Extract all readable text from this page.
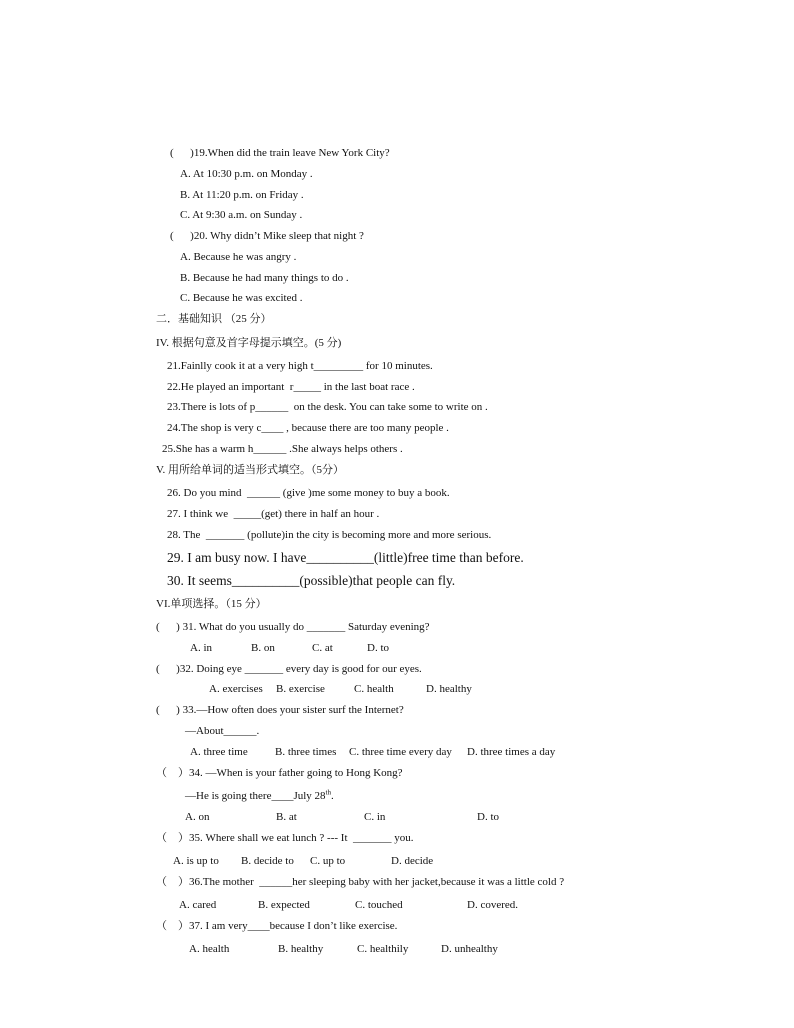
(      )19.When did the train leave New York City?
A. At 10:30 p.m. on Monday .
B. At 11:20 p.m. on Friday .
C. At 9:30 a.m. on Sunday .
(      )20. Why didn’t Mike sleep that night ?
A. Because he was angry .
B. Because he had many things to do .
C. Because he was excited .
二．基础知识 （25 分）
IV. 根据句意及首字母提示填空。(5 分)
21.Fainlly cook it at a very high t_________ for 10 minutes.
22.He played an important  r_____ in the last boat race .
23.There is lots of p______  on the desk. You can take some to write on .
24.The shop is very c____ , because there are too many people .
25.She has a warm h______ .She always helps others .
V. 用所给单词的适当形式填空。（5分）
26. Do you mind  ______ (give )me some money to buy a book.
27. I think we  _____(get) there in half an hour .
28. The  _______ (pollute)in the city is becoming more and more serious.
29. I am busy now. I have__________(little)free time than before.
30. It seems__________(possible)that people can fly.
VI.单项选择。（15 分）
(      ) 31. What do you usually do _______ Saturday evening?
A. in	B. on	C. at	D. to
(      )32. Doing eye _______ every day is good for our eyes.
A. exercises B. exercise	C. health	D. healthy
(      ) 33.—How often does your sister surf the Internet?
—About______.
A. three time B. three times C. three time every day D. three times a day
（    ）34. —When is your father going to Hong Kong?
—He is going there____July 28th.
A. on	B. at	C. in	D. to
（    ）35. Where shall we eat lunch ? --- It  _______ you.
A. is up to B. decide to C. up to	D. decide
（    ）36.The mother  ______her sleeping baby with her jacket,because it was a little cold ?
A. cared	B. expected	C. touched	D. covered.
（    ）37. I am very____because I don’t like exercise.
A. health	B. healthy	C. healthily	D. unhealthy
